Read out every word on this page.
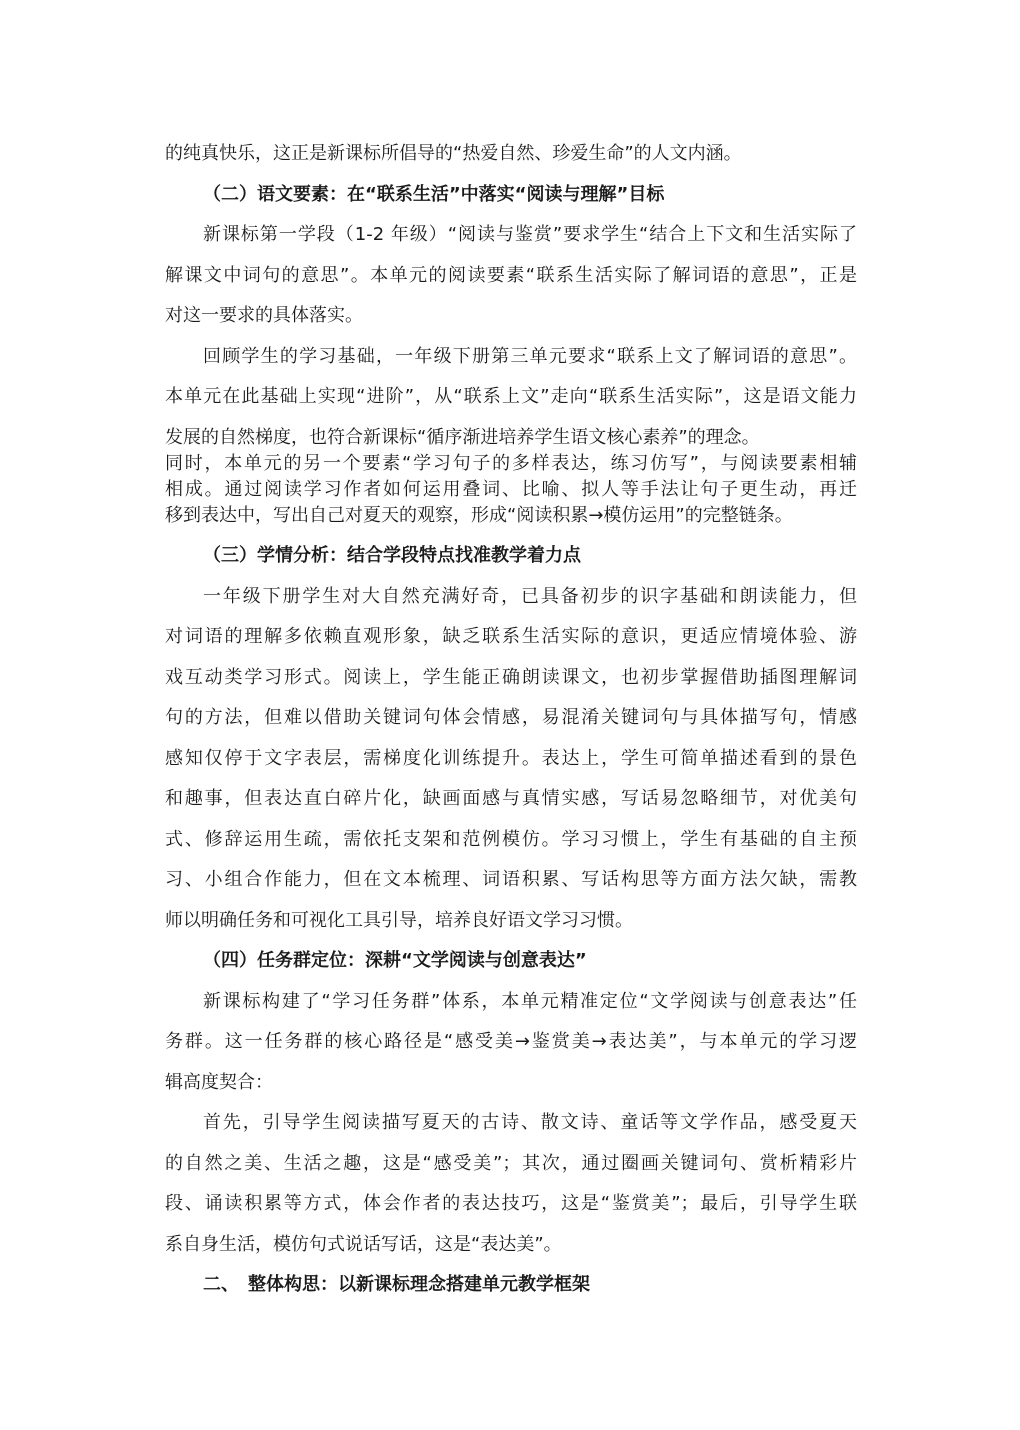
的纯真快乐，这正是新课标所倡导的“热爱自然、珍爱生命”的人文内涵。
（二）语文要素：在“联系生活”中落实“阅读与理解”目标
新课标第一学段（1-2 年级）“阅读与鉴赏”要求学生“结合上下文和生活实际了
解课文中词句的意思”。本单元的阅读要素“联系生活实际了解词语的意思”，正是
对这一要求的具体落实。
回顾学生的学习基础，一年级下册第三单元要求“联系上文了解词语的意思”。
本单元在此基础上实现“进阶”，从“联系上文”走向“联系生活实际”，这是语文能力
发展的自然梯度，也符合新课标“循序渐进培养学生语文核心素养”的理念。
同时，本单元的另一个要素“学习句子的多样表达，练习仿写”，与阅读要素相辅
相成。通过阅读学习作者如何运用叠词、比喻、拟人等手法让句子更生动，再迁
移到表达中，写出自己对夏天的观察，形成“阅读积累→模仿运用”的完整链条。
（三）学情分析：结合学段特点找准教学着力点
一年级下册学生对大自然充满好奇，已具备初步的识字基础和朗读能力，但
对词语的理解多依赖直观形象，缺乏联系生活实际的意识，更适应情境体验、游
戏互动类学习形式。阅读上，学生能正确朗读课文，也初步掌握借助插图理解词
句的方法，但难以借助关键词句体会情感，易混淆关键词句与具体描写句，情感
感知仅停于文字表层，需梯度化训练提升。表达上，学生可简单描述看到的景色
和趣事，但表达直白碎片化，缺画面感与真情实感，写话易忽略细节，对优美句
式、修辞运用生疏，需依托支架和范例模仿。学习习惯上，学生有基础的自主预
习、小组合作能力，但在文本梳理、词语积累、写话构思等方面方法欠缺，需教
师以明确任务和可视化工具引导，培养良好语文学习习惯。
（四）任务群定位：深耕“文学阅读与创意表达”
新课标构建了“学习任务群”体系，本单元精准定位“文学阅读与创意表达”任
务群。这一任务群的核心路径是“感受美→鉴赏美→表达美”，与本单元的学习逻
辑高度契合：
首先，引导学生阅读描写夏天的古诗、散文诗、童话等文学作品，感受夏天
的自然之美、生活之趣，这是“感受美”；其次，通过圈画关键词句、赏析精彩片
段、诵读积累等方式，体会作者的表达技巧，这是“鉴赏美”；最后，引导学生联
系自身生活，模仿句式说话写话，这是“表达美”。
二、　整体构思：以新课标理念搭建单元教学框架
